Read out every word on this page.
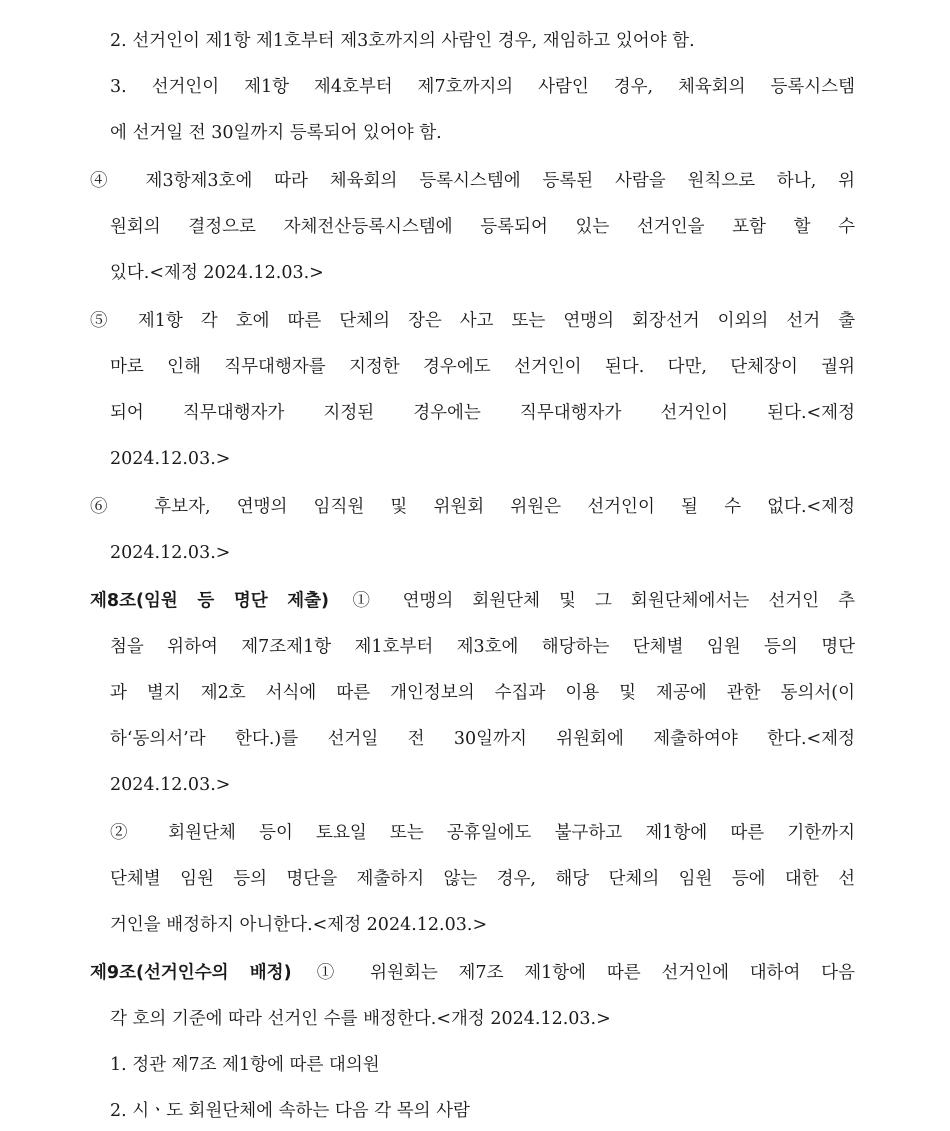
2. 선거인이 제1항 제1호부터 제3호까지의 사람인 경우, 재임하고 있어야 함.
3. 선거인이 제1항 제4호부터 제7호까지의 사람인 경우, 체육회의 등록시스템
에 선거일 전 30일까지 등록되어 있어야 함.
④ 제3항제3호에 따라 체육회의 등록시스템에 등록된 사람을 원칙으로 하나, 위
원회의 결정으로 자체전산등록시스템에 등록되어 있는 선거인을 포함 할 수
있다.<제정 2024.12.03.>
⑤ 제1항 각 호에 따른 단체의 장은 사고 또는 연맹의 회장선거 이외의 선거 출
마로 인해 직무대행자를 지정한 경우에도 선거인이 된다. 다만, 단체장이 궐위
되어 직무대행자가 지정된 경우에는 직무대행자가 선거인이 된다.<제정
2024.12.03.>
⑥ 후보자, 연맹의 임직원 및 위원회 위원은 선거인이 될 수 없다.<제정
2024.12.03.>
제8조(임원 등 명단 제출) ① 연맹의 회원단체 및 그 회원단체에서는 선거인 추
첨을 위하여 제7조제1항 제1호부터 제3호에 해당하는 단체별 임원 등의 명단
과 별지 제2호 서식에 따른 개인정보의 수집과 이용 및 제공에 관한 동의서(이
하‘동의서’라 한다.)를 선거일 전 30일까지 위원회에 제출하여야 한다.<제정
2024.12.03.>
② 회원단체 등이 토요일 또는 공휴일에도 불구하고 제1항에 따른 기한까지
단체별 임원 등의 명단을 제출하지 않는 경우, 해당 단체의 임원 등에 대한 선
거인을 배정하지 아니한다.<제정 2024.12.03.>
제9조(선거인수의 배정) ① 위원회는 제7조 제1항에 따른 선거인에 대하여 다음
각 호의 기준에 따라 선거인 수를 배정한다.<개정 2024.12.03.>
1. 정관 제7조 제1항에 따른 대의원
2. 시ㆍ도 회원단체에 속하는 다음 각 목의 사람
